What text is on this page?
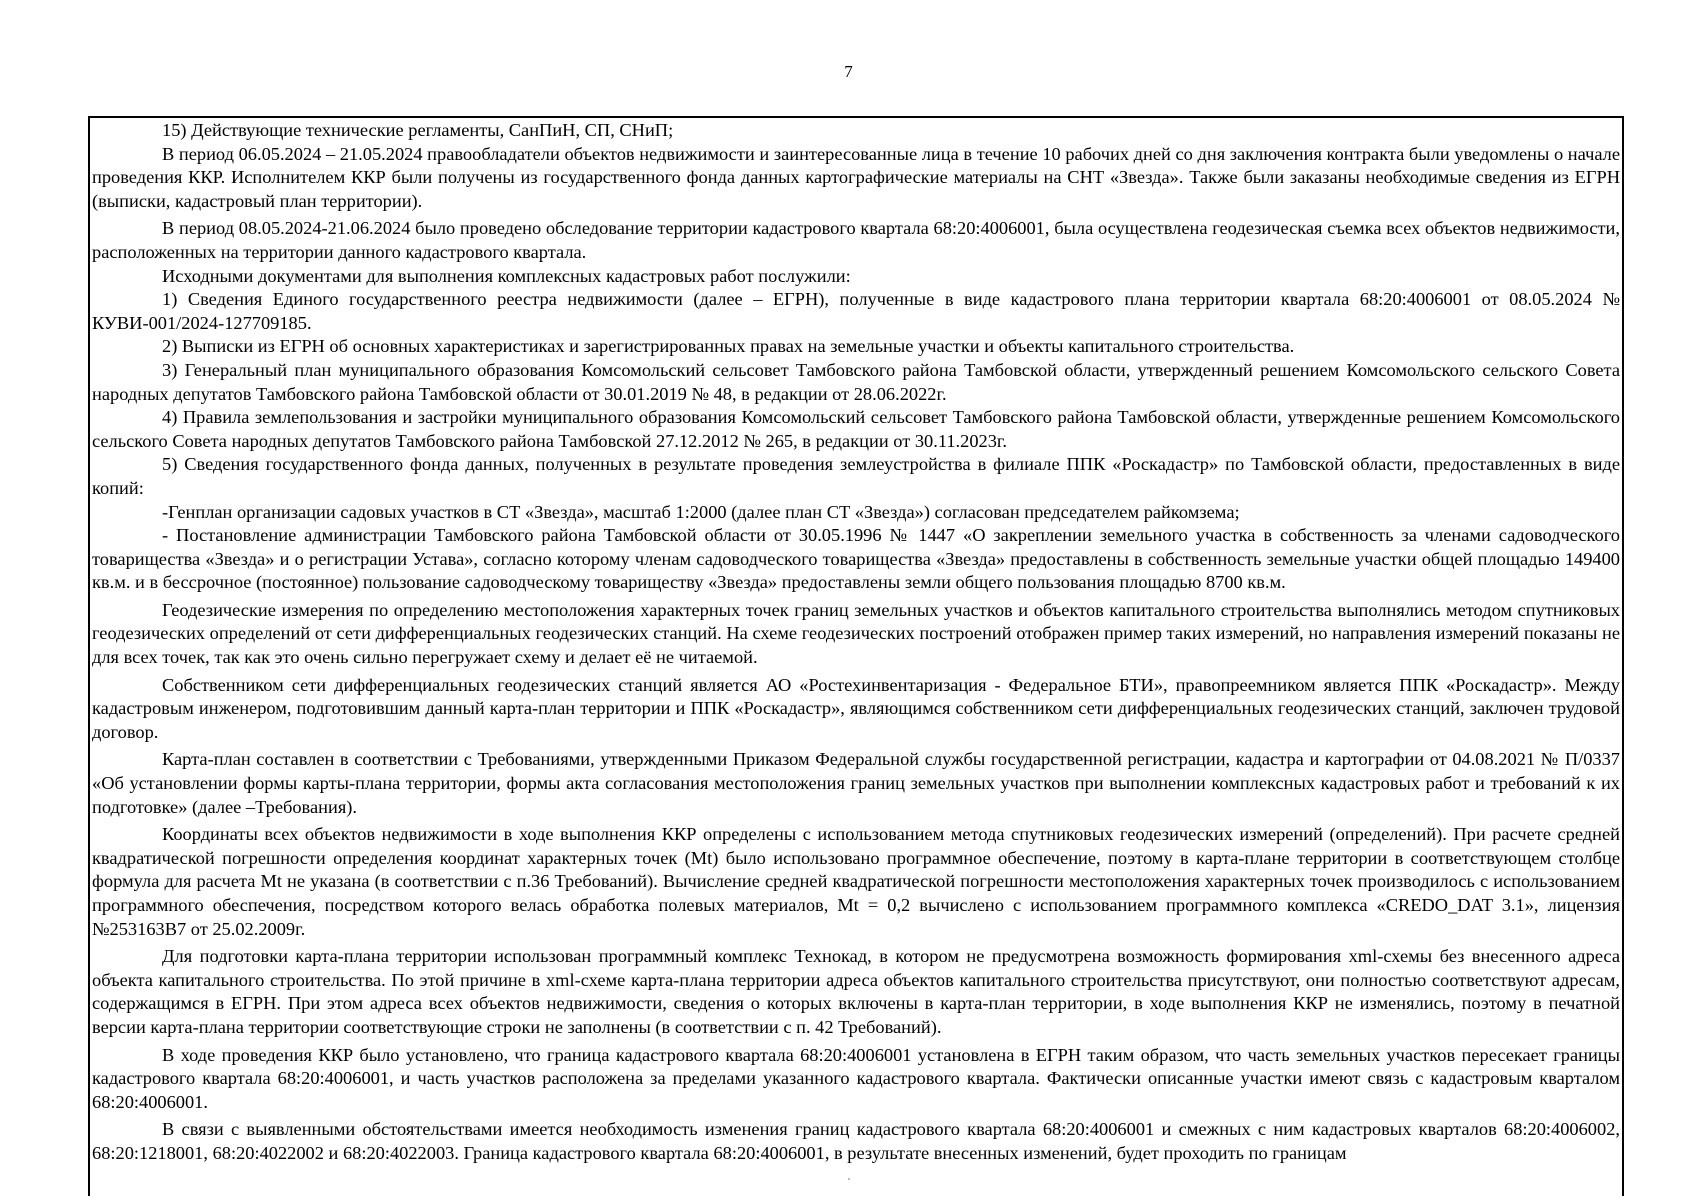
7

15) Действующие технические регламенты, СанПиН, СП, СНиП;

В период 06.05.2024 – 21.05.2024 правообладатели объектов недвижимости и заинтересованные лица в течение 10 рабочих дней со дня заключения контракта были уведомлены о начале проведения ККР. Исполнителем ККР были получены из государственного фонда данных картографические материалы на СНТ «Звезда». Также были заказаны необходимые сведения из ЕГРН (выписки, кадастровый план территории).

В период 08.05.2024-21.06.2024 было проведено обследование территории кадастрового квартала 68:20:4006001, была осуществлена геодезическая съемка всех объектов недвижимости, расположенных на территории данного кадастрового квартала.

Исходными документами для выполнения комплексных кадастровых работ послужили:

1) Сведения Единого государственного реестра недвижимости (далее – ЕГРН), полученные в виде кадастрового плана территории квартала 68:20:4006001 от 08.05.2024 № КУВИ-001/2024-127709185.

2) Выписки из ЕГРН об основных характеристиках и зарегистрированных правах на земельные участки и объекты капитального строительства.

3) Генеральный план муниципального образования Комсомольский сельсовет Тамбовского района Тамбовской области, утвержденный решением Комсомольского сельского Совета народных депутатов Тамбовского района Тамбовской области от 30.01.2019 № 48, в редакции от 28.06.2022г.

4) Правила землепользования и застройки муниципального образования Комсомольский сельсовет Тамбовского района Тамбовской области, утвержденные решением Комсомольского сельского Совета народных депутатов Тамбовского района Тамбовской 27.12.2012 № 265, в редакции от 30.11.2023г.

5) Сведения государственного фонда данных, полученных в результате проведения землеустройства в филиале ППК «Роскадастр» по Тамбовской области, предоставленных в виде копий:

-Генплан организации садовых участков в СТ «Звезда», масштаб 1:2000 (далее план СТ «Звезда») согласован председателем райкомзема;

- Постановление администрации Тамбовского района Тамбовской области от 30.05.1996 № 1447 «О закреплении земельного участка в собственность за членами садоводческого товарищества «Звезда» и о регистрации Устава», согласно которому членам садоводческого товарищества «Звезда» предоставлены в собственность земельные участки общей площадью 149400 кв.м. и в бессрочное (постоянное) пользование садоводческому товариществу «Звезда» предоставлены земли общего пользования площадью 8700 кв.м.

Геодезические измерения по определению местоположения характерных точек границ земельных участков и объектов капитального строительства выполнялись методом спутниковых геодезических определений от сети дифференциальных геодезических станций. На схеме геодезических построений отображен пример таких измерений, но направления измерений показаны не для всех точек, так как это очень сильно перегружает схему и делает её не читаемой.

Собственником сети дифференциальных геодезических станций является АО «Ростехинвентаризация - Федеральное БТИ», правопреемником является ППК «Роскадастр». Между кадастровым инженером, подготовившим данный карта-план территории и ППК «Роскадастр», являющимся собственником сети дифференциальных геодезических станций, заключен трудовой договор.

Карта-план составлен в соответствии с Требованиями, утвержденными Приказом Федеральной службы государственной регистрации, кадастра и картографии от 04.08.2021 № П/0337 «Об установлении формы карты-плана территории, формы акта согласования местоположения границ земельных участков при выполнении комплексных кадастровых работ и требований к их подготовке» (далее –Требования).

Координаты всех объектов недвижимости в ходе выполнения ККР определены с использованием метода спутниковых геодезических измерений (определений). При расчете средней квадратической погрешности определения координат характерных точек (Mt) было использовано программное обеспечение, поэтому в карта-плане территории в соответствующем столбце формула для расчета Mt не указана (в соответствии с п.36 Требований). Вычисление средней квадратической погрешности местоположения характерных точек производилось с использованием программного обеспечения, посредством которого велась обработка полевых материалов, Mt = 0,2 вычислено с использованием программного комплекса «CREDO_DAT 3.1», лицензия №253163B7 от 25.02.2009г.

Для подготовки карта-плана территории использован программный комплекс Технокад, в котором не предусмотрена возможность формирования xml-схемы без внесенного адреса объекта капитального строительства. По этой причине в xml-схеме карта-плана территории адреса объектов капитального строительства присутствуют, они полностью соответствуют адресам, содержащимся в ЕГРН. При этом адреса всех объектов недвижимости, сведения о которых включены в карта-план территории, в ходе выполнения ККР не изменялись, поэтому в печатной версии карта-плана территории соответствующие строки не заполнены (в соответствии с п. 42 Требований).

В ходе проведения ККР было установлено, что граница кадастрового квартала 68:20:4006001 установлена в ЕГРН таким образом, что часть земельных участков пересекает границы кадастрового квартала 68:20:4006001, и часть участков расположена за пределами указанного кадастрового квартала. Фактически описанные участки имеют связь с кадастровым кварталом 68:20:4006001.

В связи с выявленными обстоятельствами имеется необходимость изменения границ кадастрового квартала 68:20:4006001 и смежных с ним кадастровых кварталов 68:20:4006002, 68:20:1218001, 68:20:4022002 и 68:20:4022003. Граница кадастрового квартала 68:20:4006001, в результате внесенных изменений, будет проходить по границам
